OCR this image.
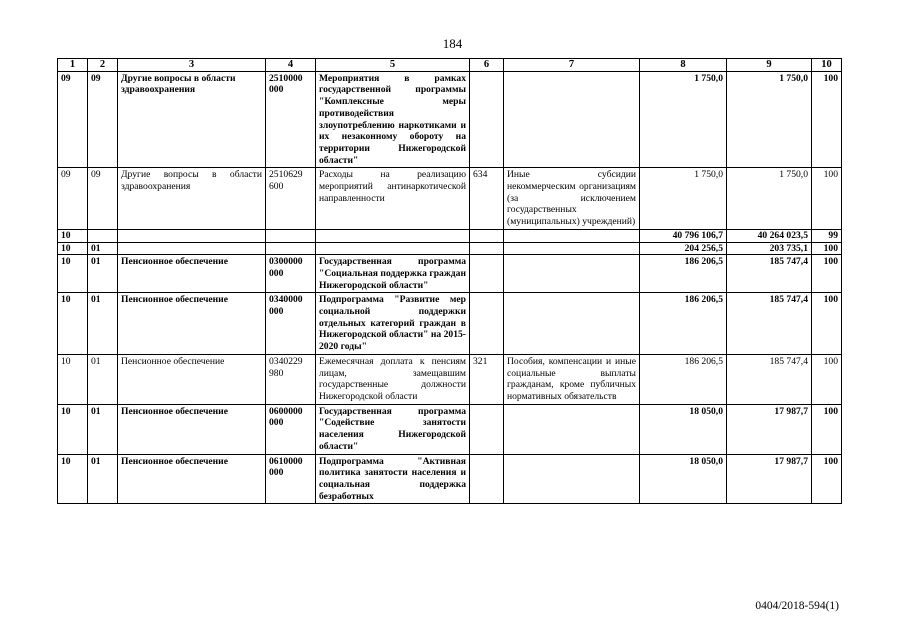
184
1	2	3	4	5	6	7	8	9	10
09	09	Другие вопросы в области здравоохранения	2510000 000	Мероприятия в рамках государственной программы "Комплексные меры противодействия злоупотреблению наркотиками и их незаконному обороту на территории Нижегородской области"			1 750,0	1 750,0	100
09	09	Другие вопросы в области здравоохранения	2510629 600	Расходы на реализацию мероприятий антинаркотической направленности	634	Иные субсидии некоммерческим организациям (за исключением государственных (муниципальных) учреждений)	1 750,0	1 750,0	100
10							40 796 106,7	40 264 023,5	99
10	01						204 256,5	203 735,1	100
10	01	Пенсионное обеспечение	0300000 000	Государственная программа "Социальная поддержка граждан Нижегородской области"			186 206,5	185 747,4	100
10	01	Пенсионное обеспечение	0340000 000	Подпрограмма "Развитие мер социальной поддержки отдельных категорий граждан в Нижегородской области" на 2015-2020 годы"			186 206,5	185 747,4	100
10	01	Пенсионное обеспечение	0340229 980	Ежемесячная доплата к пенсиям лицам, замещавшим государственные должности Нижегородской области	321	Пособия, компенсации и иные социальные выплаты гражданам, кроме публичных нормативных обязательств	186 206,5	185 747,4	100
10	01	Пенсионное обеспечение	0600000 000	Государственная программа "Содействие занятости населения Нижегородской области"			18 050,0	17 987,7	100
10	01	Пенсионное обеспечение	0610000 000	Подпрограмма "Активная политика занятости населения и социальная поддержка безработных			18 050,0	17 987,7	100
0404/2018-594(1)
